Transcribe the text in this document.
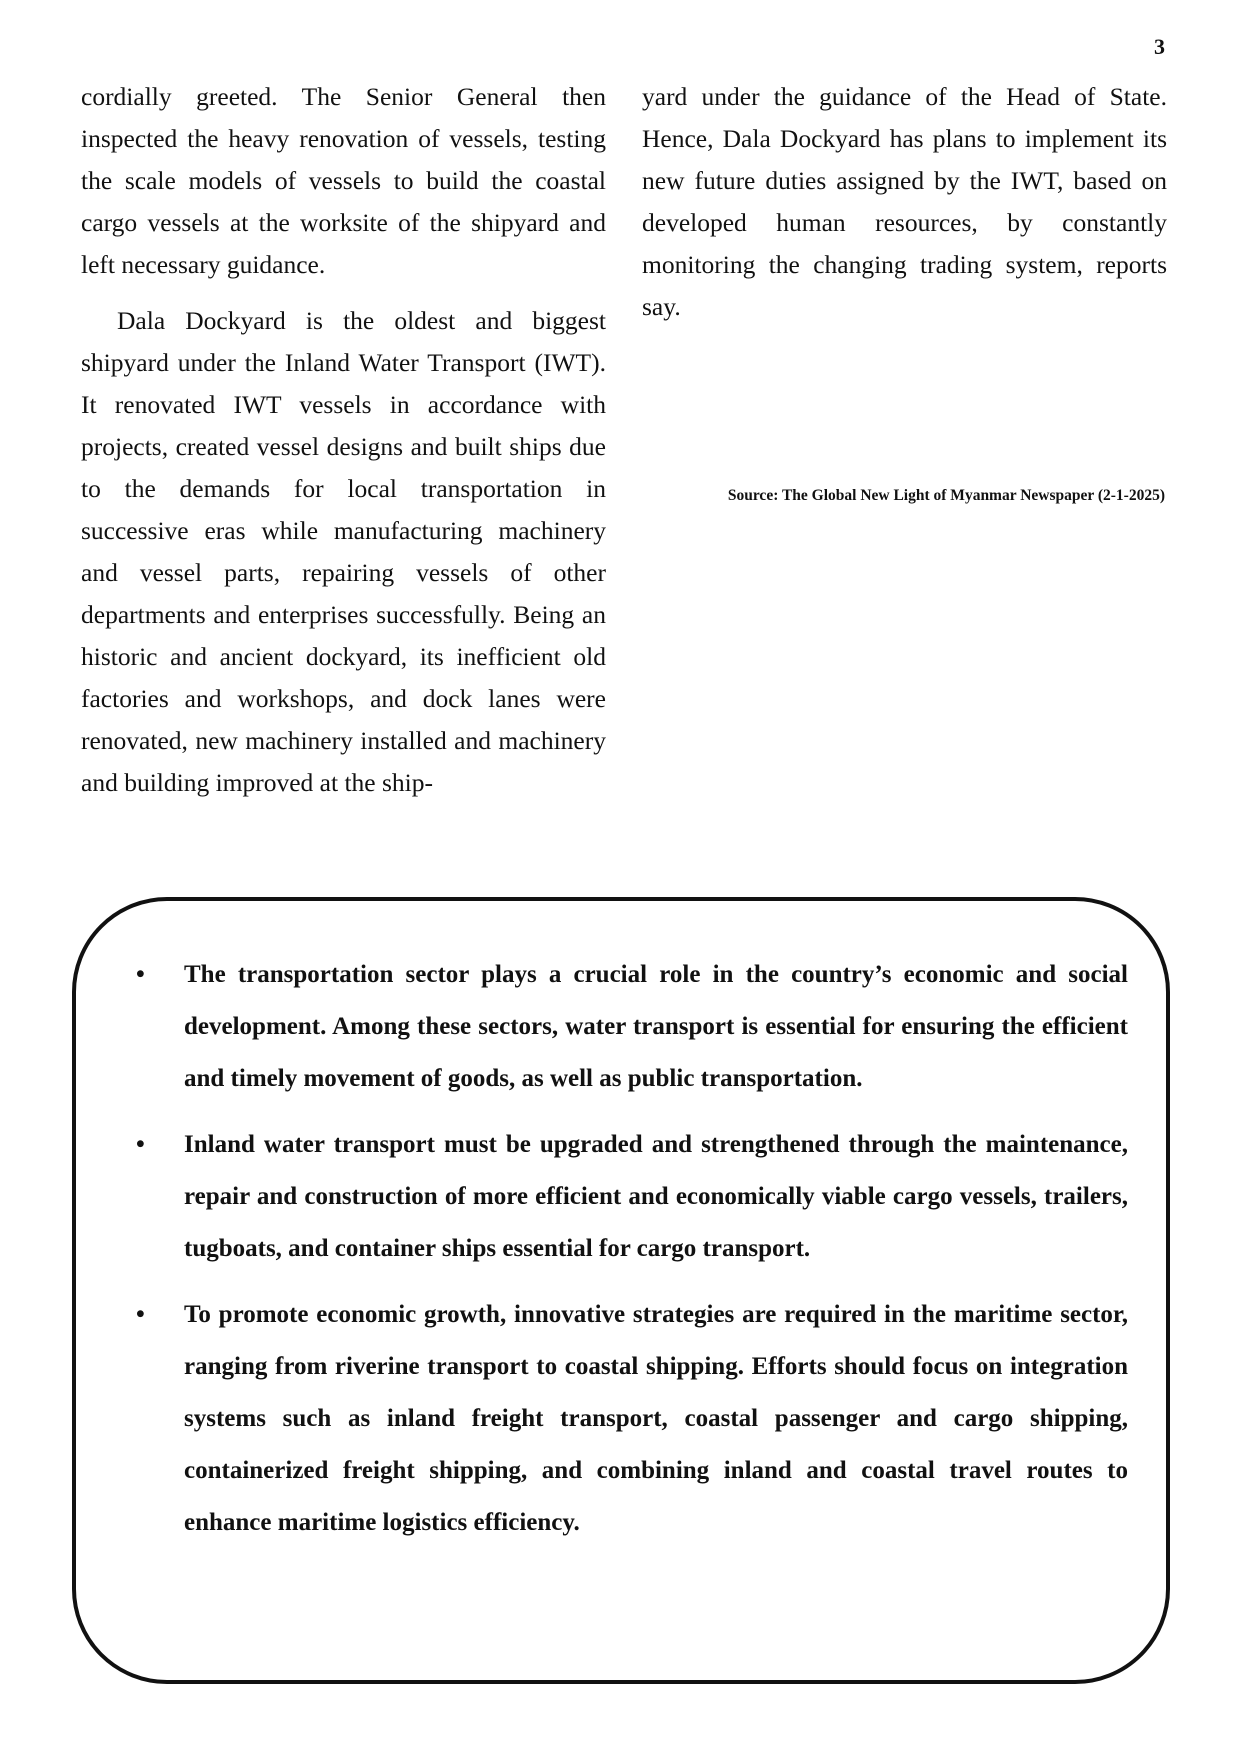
3

cordially greeted. The Senior General then inspected the heavy renovation of vessels, testing the scale models of vessels to build the coastal cargo vessels at the worksite of the shipyard and left necessary guidance.

Dala Dockyard is the oldest and biggest shipyard under the Inland Water Transport (IWT). It renovated IWT vessels in accordance with projects, created vessel designs and built ships due to the demands for local transportation in successive eras while manufacturing machinery and vessel parts, repairing vessels of other departments and enterprises successfully. Being an historic and ancient dockyard, its inefficient old factories and workshops, and dock lanes were renovated, new machinery installed and machinery and building improved at the ship-

yard under the guidance of the Head of State. Hence, Dala Dockyard has plans to implement its new future duties assigned by the IWT, based on developed human resources, by constantly monitoring the changing trading system, reports say.

Source: The Global New Light of Myanmar Newspaper (2-1-2025)
• The transportation sector plays a crucial role in the country’s economic and social development. Among these sectors, water transport is essential for ensuring the efficient and timely movement of goods, as well as public transportation.
• Inland water transport must be upgraded and strengthened through the maintenance, repair and construction of more efficient and economically viable cargo vessels, trailers, tugboats, and container ships essential for cargo transport.
• To promote economic growth, innovative strategies are required in the maritime sector, ranging from riverine transport to coastal shipping. Efforts should focus on integration systems such as inland freight transport, coastal passenger and cargo shipping, containerized freight shipping, and combining inland and coastal travel routes to enhance maritime logistics efficiency.
